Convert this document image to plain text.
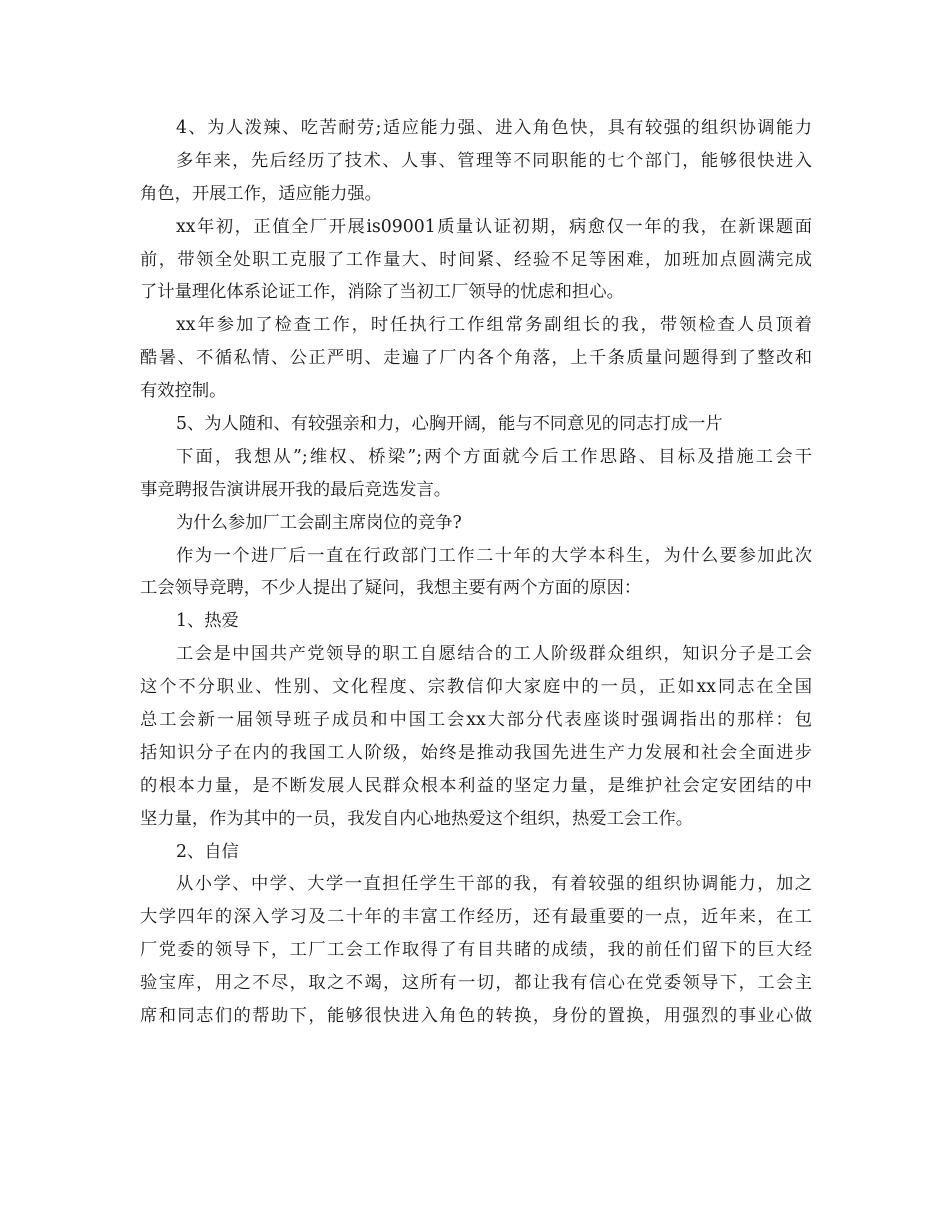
4、为人泼辣、吃苦耐劳;适应能力强、进入角色快，具有较强的组织协调能力
多年来，先后经历了技术、人事、管理等不同职能的七个部门，能够很快进入
角色，开展工作，适应能力强。
xx年初，正值全厂开展is09001质量认证初期，病愈仅一年的我，在新课题面
前，带领全处职工克服了工作量大、时间紧、经验不足等困难，加班加点圆满完成
了计量理化体系论证工作，消除了当初工厂领导的忧虑和担心。
xx年参加了检查工作，时任执行工作组常务副组长的我，带领检查人员顶着
酷暑、不循私情、公正严明、走遍了厂内各个角落，上千条质量问题得到了整改和
有效控制。
5、为人随和、有较强亲和力，心胸开阔，能与不同意见的同志打成一片
下面，我想从”;维权、桥梁”;两个方面就今后工作思路、目标及措施工会干
事竞聘报告演讲展开我的最后竞选发言。
为什么参加厂工会副主席岗位的竞争?
作为一个进厂后一直在行政部门工作二十年的大学本科生，为什么要参加此次
工会领导竞聘，不少人提出了疑问，我想主要有两个方面的原因：
1、热爱
工会是中国共产党领导的职工自愿结合的工人阶级群众组织，知识分子是工会
这个不分职业、性别、文化程度、宗教信仰大家庭中的一员，正如xx同志在全国
总工会新一届领导班子成员和中国工会xx大部分代表座谈时强调指出的那样：包
括知识分子在内的我国工人阶级，始终是推动我国先进生产力发展和社会全面进步
的根本力量，是不断发展人民群众根本利益的坚定力量，是维护社会定安团结的中
坚力量，作为其中的一员，我发自内心地热爱这个组织，热爱工会工作。
2、自信
从小学、中学、大学一直担任学生干部的我，有着较强的组织协调能力，加之
大学四年的深入学习及二十年的丰富工作经历，还有最重要的一点，近年来，在工
厂党委的领导下，工厂工会工作取得了有目共睹的成绩，我的前任们留下的巨大经
验宝库，用之不尽，取之不竭，这所有一切，都让我有信心在党委领导下，工会主
席和同志们的帮助下，能够很快进入角色的转换，身份的置换，用强烈的事业心做
